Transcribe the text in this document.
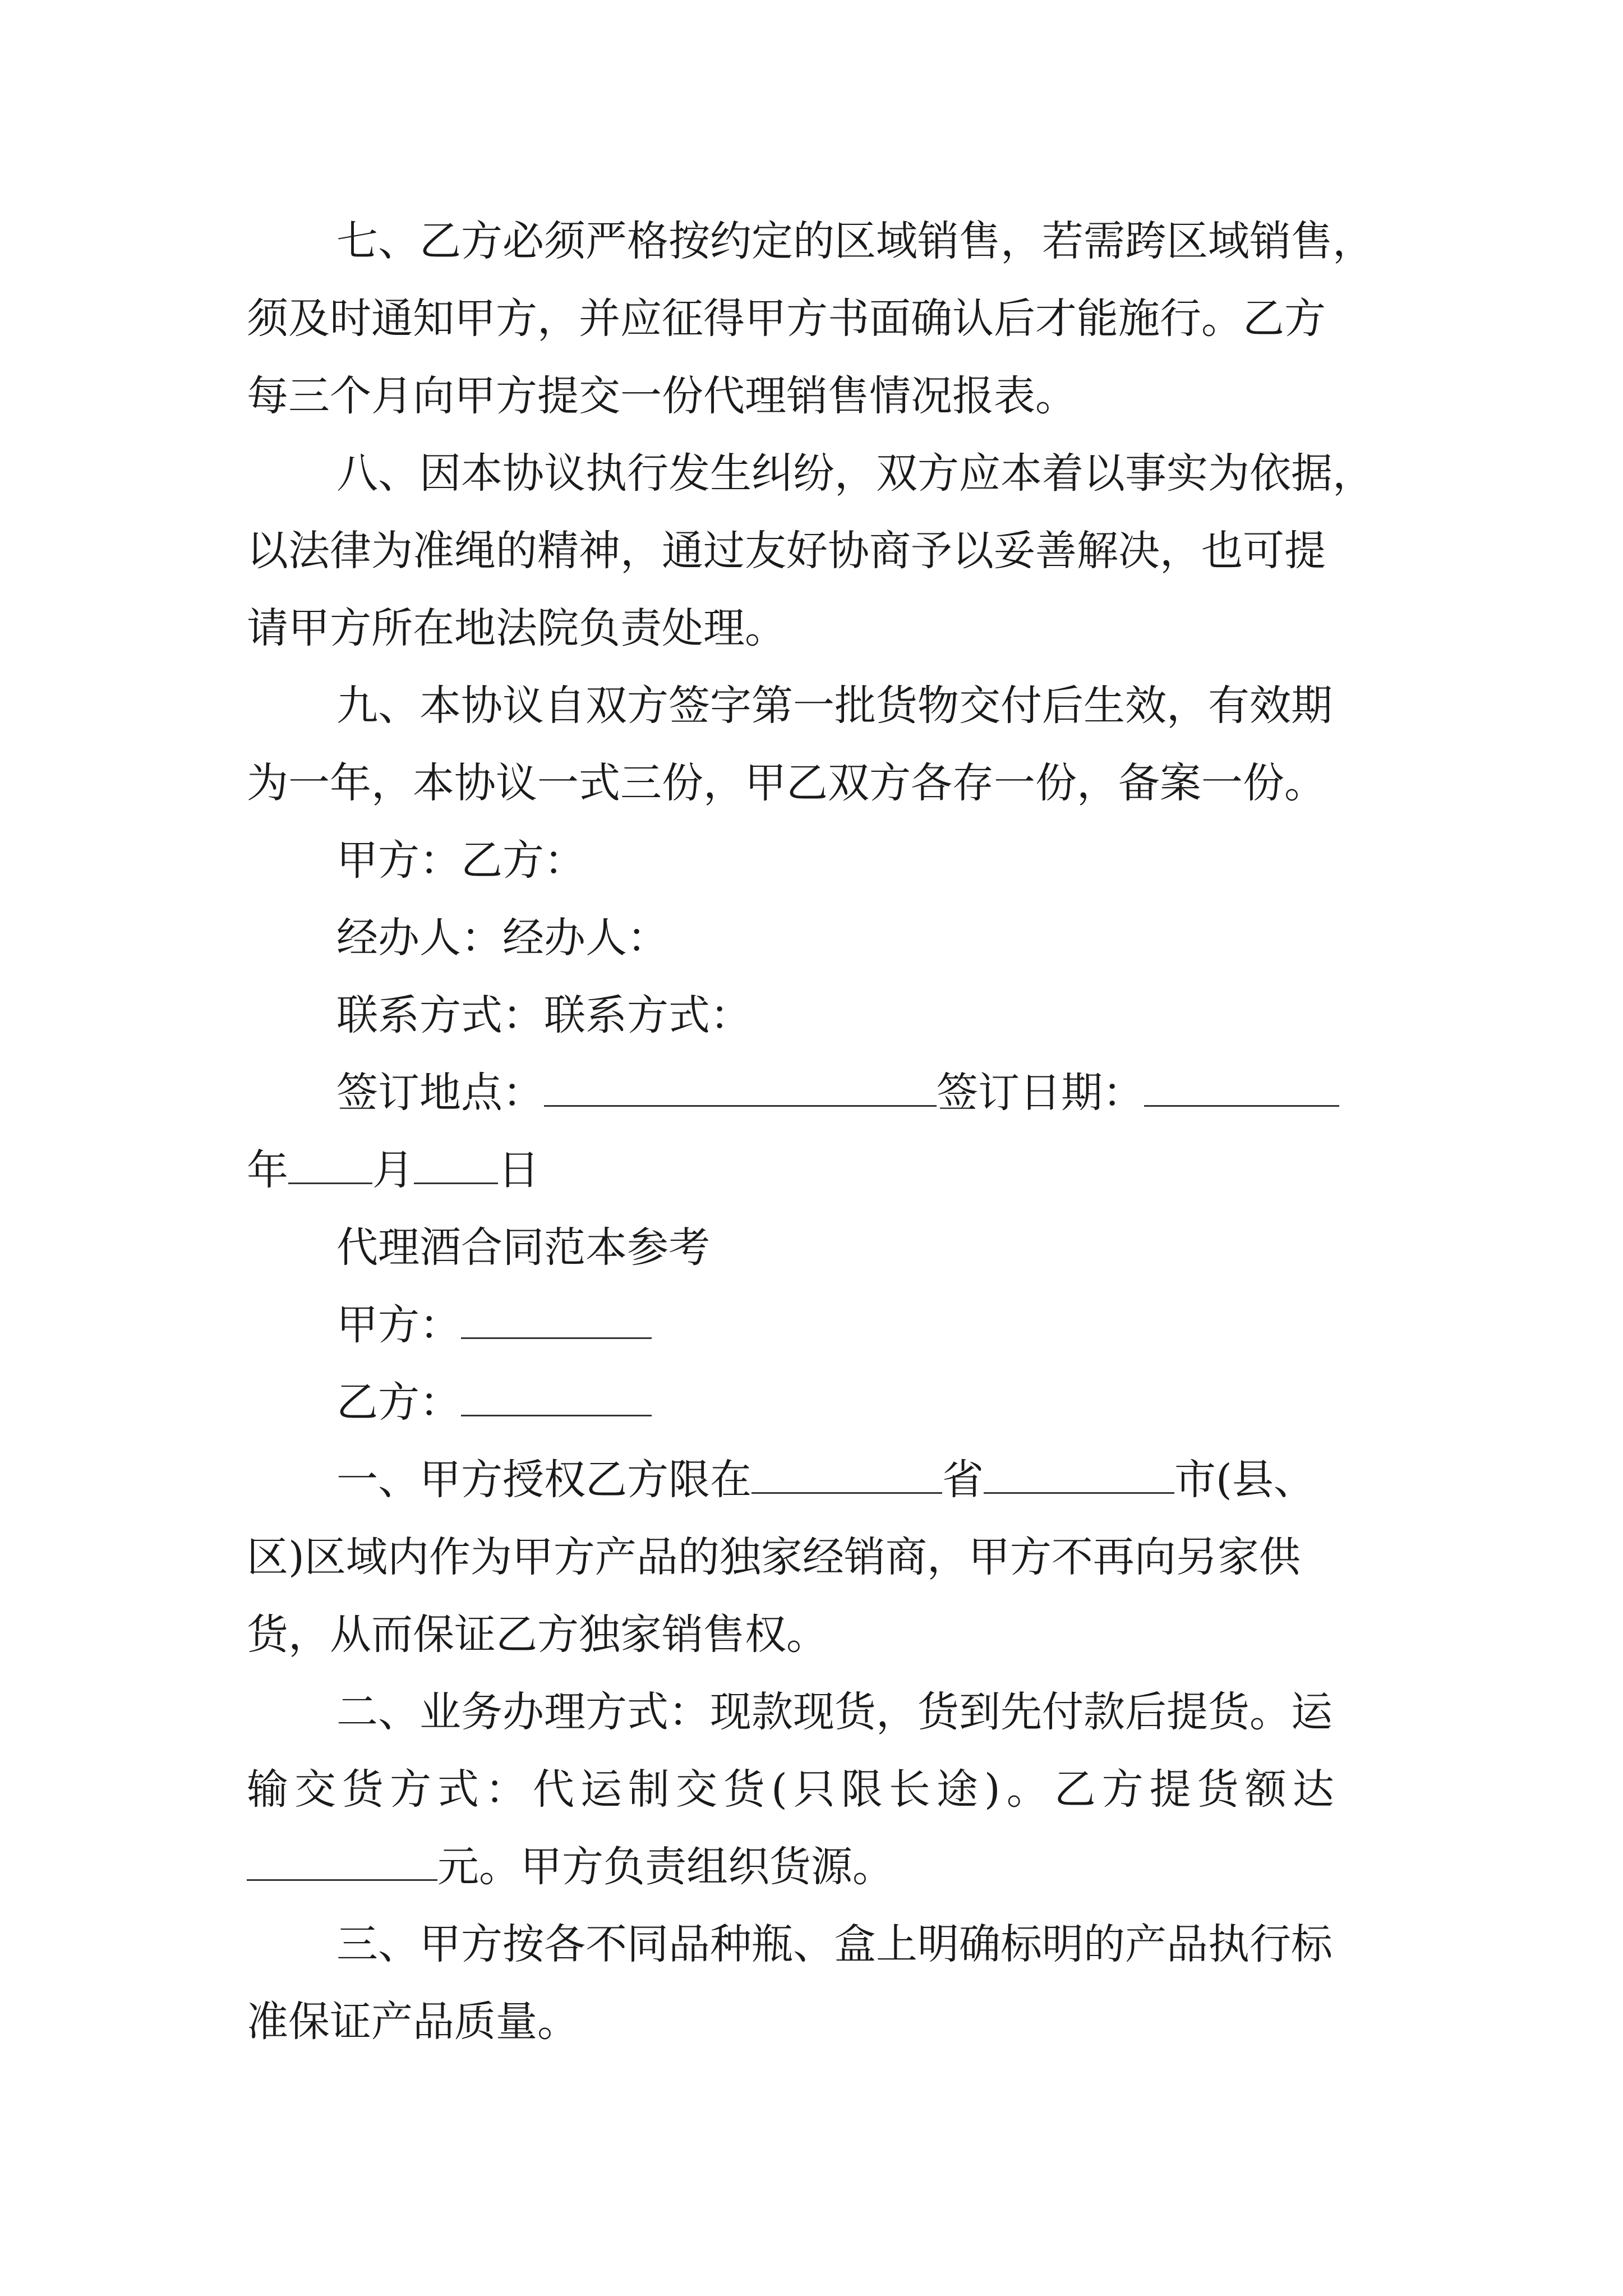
七、乙方必须严格按约定的区域销售，若需跨区域销售，
须及时通知甲方，并应征得甲方书面确认后才能施行。乙方
每三个月向甲方提交一份代理销售情况报表。
八、因本协议执行发生纠纷，双方应本着以事实为依据，
以法律为准绳的精神，通过友好协商予以妥善解决，也可提
请甲方所在地法院负责处理。
九、本协议自双方签字第一批货物交付后生效，有效期
为一年，本协议一式三份，甲乙双方各存一份，备案一份。
甲方：乙方：
经办人：经办人：
联系方式：联系方式：
签订地点：	签订日期：
年 月 日
代理酒合同范本参考
甲方：
乙方：
一、甲方授权乙方限在	省	市(县、
区)区域内作为甲方产品的独家经销商，甲方不再向另家供
货，从而保证乙方独家销售权。
二、业务办理方式：现款现货，货到先付款后提货。运
输交货方式：代运制交货(只限长途)。乙方提货额达
元。甲方负责组织货源。
三、甲方按各不同品种瓶、盒上明确标明的产品执行标
准保证产品质量。
